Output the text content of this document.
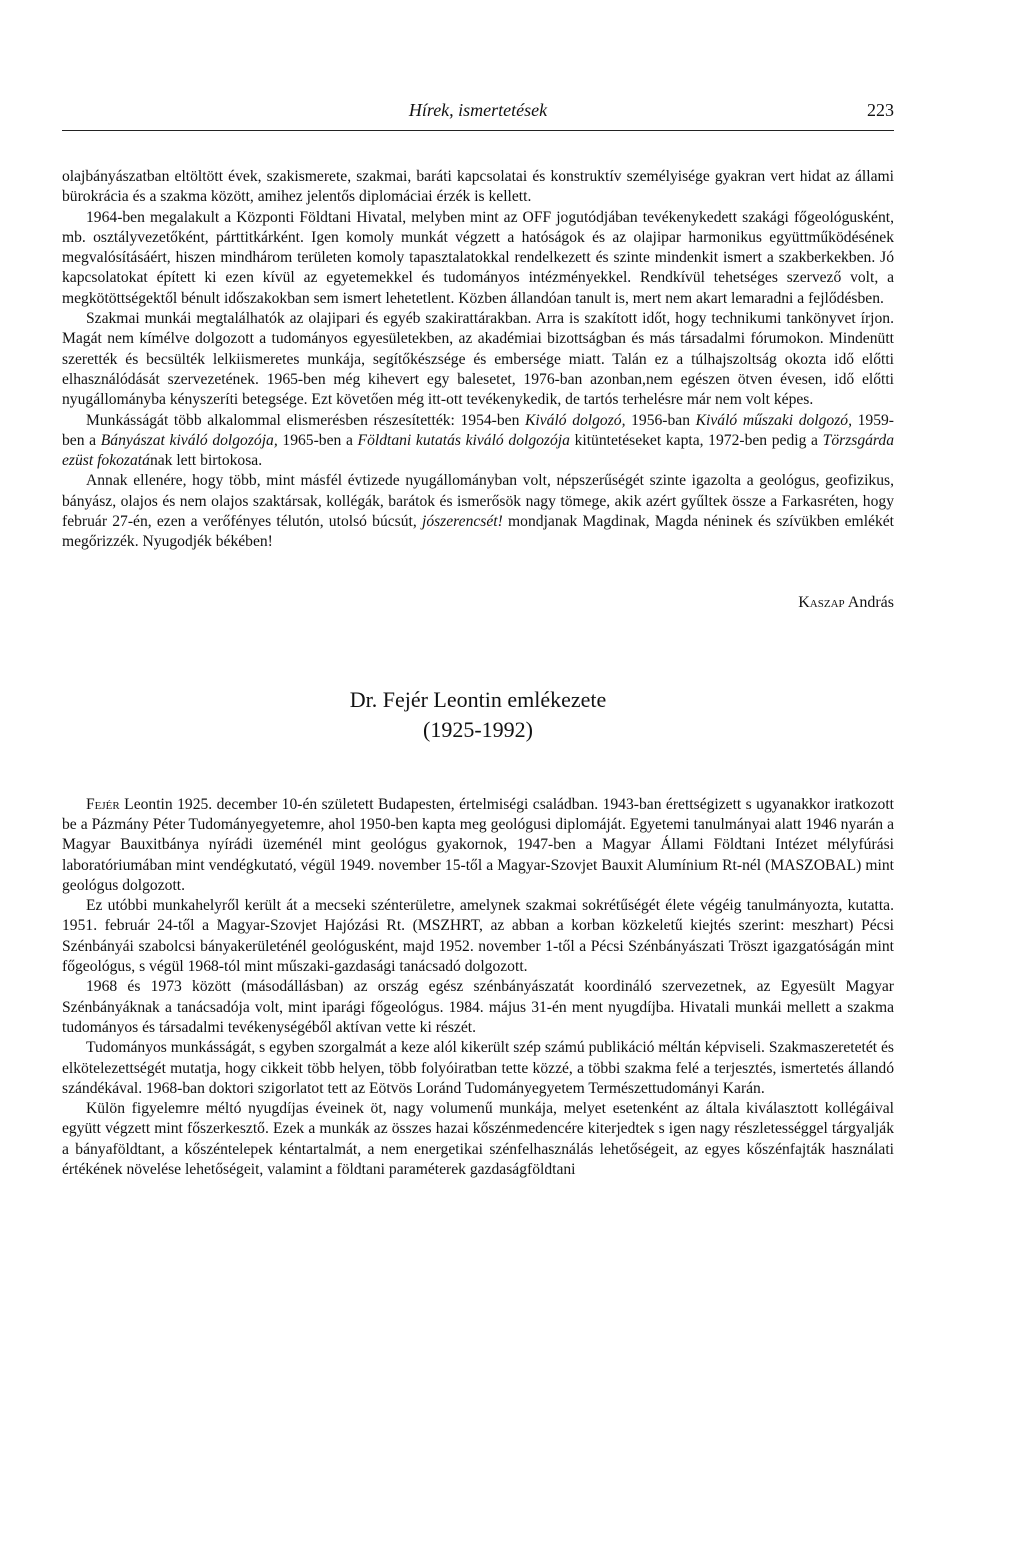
Hírek, ismertetések	223

olajbányászatban eltöltött évek, szakismerete, szakmai, baráti kapcsolatai és konstruktív személyisége gyakran vert hidat az állami bürokrácia és a szakma között, amihez jelentős diplomáciai érzék is kellett.

1964-ben megalakult a Központi Földtani Hivatal, melyben mint az OFF jogutódjában tevékenykedett szakági főgeológusként, mb. osztályvezetőként, párttitkárként. Igen komoly munkát végzett a hatóságok és az olajipar harmonikus együttműködésének megvalósításáért, hiszen mindhárom területen komoly tapasztalatokkal rendelkezett és szinte mindenkit ismert a szakberkekben. Jó kapcsolatokat épített ki ezen kívül az egyetemekkel és tudományos intézményekkel. Rendkívül tehetséges szervező volt, a megkötöttségektől bénult időszakokban sem ismert lehetetlent. Közben állandóan tanult is, mert nem akart lemaradni a fejlődésben.

Szakmai munkái megtalálhatók az olajipari és egyéb szakirattárakban. Arra is szakított időt, hogy technikumi tankönyvet írjon. Magát nem kímélve dolgozott a tudományos egyesületekben, az akadémiai bizottságban és más társadalmi fórumokon. Mindenütt szerették és becsülték lelkiismeretes munkája, segítőkészsége és embersége miatt. Talán ez a túlhajszoltság okozta idő előtti elhasználódását szervezetének. 1965-ben még kihevert egy balesetet, 1976-ban azonban,nem egészen ötven évesen, idő előtti nyugállományba kényszeríti betegsége. Ezt követően még itt-ott tevékenykedik, de tartós terhelésre már nem volt képes.

Munkásságát több alkalommal elismerésben részesítették: 1954-ben Kiváló dolgozó, 1956-ban Kiváló műszaki dolgozó, 1959-ben a Bányászat kiváló dolgozója, 1965-ben a Földtani kutatás kiváló dolgozója kitüntetéseket kapta, 1972-ben pedig a Törzsgárda ezüst fokozatának lett birtokosa.

Annak ellenére, hogy több, mint másfél évtizede nyugállományban volt, népszerűségét szinte igazolta a geológus, geofizikus, bányász, olajos és nem olajos szaktársak, kollégák, barátok és ismerősök nagy tömege, akik azért gyűltek össze a Farkasréten, hogy február 27-én, ezen a verőfényes télutón, utolsó búcsút, jószerencsét! mondjanak Magdinak, Magda néninek és szívükben emlékét megőrizzék. Nyugodjék békében!

Kaszap András
Dr. Fejér Leontin emlékezete
(1925-1992)

Fejér Leontin 1925. december 10-én született Budapesten, értelmiségi családban. 1943-ban érettségizett s ugyanakkor iratkozott be a Pázmány Péter Tudományegyetemre, ahol 1950-ben kapta meg geológusi diplomáját. Egyetemi tanulmányai alatt 1946 nyarán a Magyar Bauxitbánya nyírádi üzeménél mint geológus gyakornok, 1947-ben a Magyar Állami Földtani Intézet mélyfúrási laboratóriumában mint vendégkutató, végül 1949. november 15-től a Magyar-Szovjet Bauxit Alumínium Rt-nél (MASZOBAL) mint geológus dolgozott.

Ez utóbbi munkahelyről került át a mecseki szénterületre, amelynek szakmai sokrétűségét élete végéig tanulmányozta, kutatta. 1951. február 24-től a Magyar-Szovjet Hajózási Rt. (MSZHRT, az abban a korban közkeletű kiejtés szerint: meszhart) Pécsi Szénbányái szabolcsi bányakerületénél geológusként, majd 1952. november 1-től a Pécsi Szénbányászati Tröszt igazgatóságán mint főgeológus, s végül 1968-tól mint műszaki-gazdasági tanácsadó dolgozott.

1968 és 1973 között (másodállásban) az ország egész szénbányászatát koordináló szervezetnek, az Egyesült Magyar Szénbányáknak a tanácsadója volt, mint iparági főgeológus. 1984. május 31-én ment nyugdíjba. Hivatali munkái mellett a szakma tudományos és társadalmi tevékenységéből aktívan vette ki részét.

Tudományos munkásságát, s egyben szorgalmát a keze alól kikerült szép számú publikáció méltán képviseli. Szakmaszeretetét és elkötelezettségét mutatja, hogy cikkeit több helyen, több folyóiratban tette közzé, a többi szakma felé a terjesztés, ismertetés állandó szándékával. 1968-ban doktori szigorlatot tett az Eötvös Loránd Tudományegyetem Természettudományi Karán.

Külön figyelemre méltó nyugdíjas éveinek öt, nagy volumenű munkája, melyet esetenként az általa kiválasztott kollégáival együtt végzett mint főszerkesztő. Ezek a munkák az összes hazai kőszénmedencére kiterjedtek s igen nagy részletességgel tárgyalják a bányaföldtant, a kőszéntelepek kéntartalmát, a nem energetikai szénfelhasználás lehetőségeit, az egyes kőszénfajták használati értékének növelése lehetőségeit, valamint a földtani paraméterek gazdaságföldtani
